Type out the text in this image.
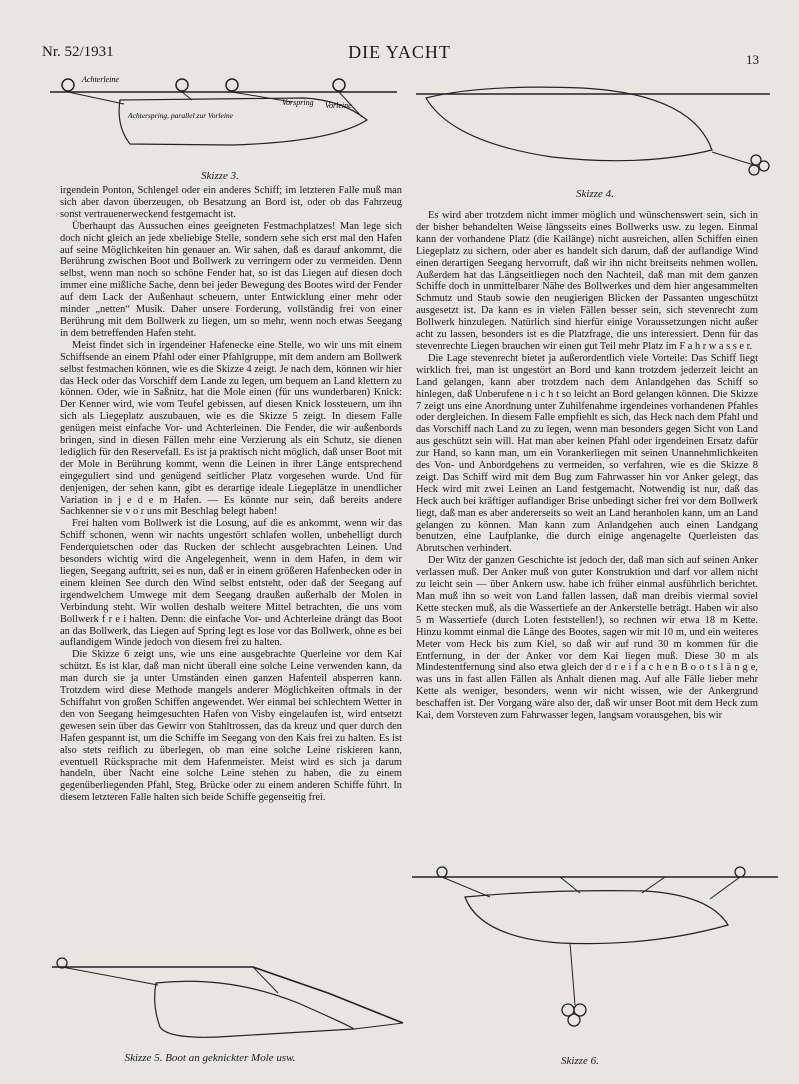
Nr. 52/1931	DIE YACHT	13
Achterleine
Vorspring Vorleine
Achterspring, parallel zur Vorleine
Skizze 3.
Skizze 4.

irgendein Ponton, Schlengel oder ein anderes Schiff; im letzteren Falle muß man sich aber davon überzeugen, ob Besatzung an Bord ist, oder ob das Fahrzeug sonst vertrauenerweckend festgemacht ist.

Überhaupt das Aussuchen eines geeigneten Festmachplatzes! Man lege sich doch nicht gleich an jede xbeliebige Stelle, sondern sehe sich erst mal den Hafen auf seine Möglichkeiten hin genauer an. Wir sahen, daß es darauf ankommt, die Berührung zwischen Boot und Bollwerk zu verringern oder zu vermeiden. Denn selbst, wenn man noch so schöne Fender hat, so ist das Liegen auf diesen doch immer eine mißliche Sache, denn bei jeder Bewegung des Bootes wird der Fender auf dem Lack der Außenhaut scheuern, unter Entwicklung einer mehr oder minder „netten“ Musik. Daher unsere Forderung, vollständig frei von einer Berührung mit dem Bollwerk zu liegen, um so mehr, wenn noch etwas Seegang in dem betreffenden Hafen steht.

Meist findet sich in irgendeiner Hafenecke eine Stelle, wo wir uns mit einem Schiffsende an einem Pfahl oder einer Pfahlgruppe, mit dem andern am Bollwerk selbst festmachen können, wie es die Skizze 4 zeigt. Je nach dem, können wir hier das Heck oder das Vorschiff dem Lande zu legen, um bequem an Land klettern zu können. Oder, wie in Saßnitz, hat die Mole einen (für uns wunderbaren) Knick: Der Kenner wird, wie vom Teufel gebissen, auf diesen Knick lossteuern, um ihn sich als Liegeplatz auszubauen, wie es die Skizze 5 zeigt. In diesem Falle genügen meist einfache Vor- und Achterleinen. Die Fender, die wir außenbords bringen, sind in diesen Fällen mehr eine Verzierung als ein Schutz, sie dienen lediglich für den Reservefall. Es ist ja praktisch nicht möglich, daß unser Boot mit der Mole in Berührung kommt, wenn die Leinen in ihrer Länge entsprechend eingeguliert sind und genügend seitlicher Platz vorgesehen wurde. Und für denjenigen, der sehen kann, gibt es derartige ideale Liegeplätze in unendlicher Variation in j e d e m Hafen. — Es könnte nur sein, daß bereits andere Sachkenner sie v o r uns mit Beschlag belegt haben!

Frei halten vom Bollwerk ist die Losung, auf die es ankommt, wenn wir das Schiff schonen, wenn wir nachts ungestört schlafen wollen, unbehelligt durch Fenderquietschen oder das Rucken der schlecht ausgebrachten Leinen. Und besonders wichtig wird die Angelegenheit, wenn in dem Hafen, in dem wir liegen, Seegang auftritt, sei es nun, daß er in einem größeren Hafenbecken oder in einem kleinen See durch den Wind selbst entsteht, oder daß der Seegang auf irgendwelchem Umwege mit dem Seegang draußen außerhalb der Molen in Verbindung steht. Wir wollen deshalb weitere Mittel betrachten, die uns vom Bollwerk f r e i halten. Denn: die einfache Vor- und Achterleine drängt das Boot an das Bollwerk, das Liegen auf Spring legt es lose vor das Bollwerk, ohne es bei auflandigem Winde jedoch von diesem frei zu halten.

Die Skizze 6 zeigt uns, wie uns eine ausgebrachte Querleine vor dem Kai schützt. Es ist klar, daß man nicht überall eine solche Leine verwenden kann, da man durch sie ja unter Umständen einen ganzen Hafenteil absperren kann. Trotzdem wird diese Methode mangels anderer Möglichkeiten oftmals in der Schiffahrt von großen Schiffen angewendet. Wer einmal bei schlechtem Wetter in den von Seegang heimgesuchten Hafen von Visby eingelaufen ist, wird entsetzt gewesen sein über das Gewirr von Stahltrossen, das da kreuz und quer durch den Hafen gespannt ist, um die Schiffe im Seegang von den Kais frei zu halten. Es ist also stets reiflich zu überlegen, ob man eine solche Leine riskieren kann, eventuell Rücksprache mit dem Hafenmeister. Meist wird es sich ja darum handeln, über Nacht eine solche Leine stehen zu haben, die zu einem gegenüberliegenden Pfahl, Steg, Brücke oder zu einem anderen Schiffe führt. In diesem letzteren Falle halten sich beide Schiffe gegenseitig frei.

Es wird aber trotzdem nicht immer möglich und wünschenswert sein, sich in der bisher behandelten Weise längsseits eines Bollwerks usw. zu legen. Einmal kann der vorhandene Platz (die Kailänge) nicht ausreichen, allen Schiffen einen Liegeplatz zu sichern, oder aber es handelt sich darum, daß der auflandige Wind einen derartigen Seegang hervorruft, daß wir ihn nicht breitseits nehmen wollen. Außerdem hat das Längseitliegen noch den Nachteil, daß man mit dem ganzen Schiffe doch in unmittelbarer Nähe des Bollwerkes und dem hier angesammelten Schmutz und Staub sowie den neugierigen Blicken der Passanten ungeschützt ausgesetzt ist. Da kann es in vielen Fällen besser sein, sich stevenrecht zum Bollwerk hinzulegen. Natürlich sind hierfür einige Voraussetzungen nicht außer acht zu lassen, besonders ist es die Platzfrage, die uns interessiert. Denn für das stevenrechte Liegen brauchen wir einen gut Teil mehr Platz im F a h r w a s s e r.

Die Lage stevenrecht bietet ja außerordentlich viele Vorteile: Das Schiff liegt wirklich frei, man ist ungestört an Bord und kann trotzdem jederzeit leicht an Land gelangen, kann aber trotzdem nach dem Anlandgehen das Schiff so hinlegen, daß Unberufene n i c h t so leicht an Bord gelangen können. Die Skizze 7 zeigt uns eine Anordnung unter Zuhilfenahme irgendeines vorhandenen Pfahles oder dergleichen. In diesem Falle empfiehlt es sich, das Heck nach dem Pfahl und das Vorschiff nach Land zu zu legen, wenn man besonders gegen Sicht von Land aus geschützt sein will. Hat man aber keinen Pfahl oder irgendeinen Ersatz dafür zur Hand, so kann man, um ein Vorankerliegen mit seinen Unannehmlichkeiten des Von- und Anbordgehens zu vermeiden, so verfahren, wie es die Skizze 8 zeigt. Das Schiff wird mit dem Bug zum Fahrwasser hin vor Anker gelegt, das Heck wird mit zwei Leinen an Land festgemacht. Notwendig ist nur, daß das Heck auch bei kräftiger auflandiger Brise unbedingt sicher frei vor dem Bollwerk liegt, daß man es aber andererseits so weit an Land heranholen kann, um an Land gelangen zu können. Man kann zum Anlandgehen auch einen Landgang benutzen, eine Laufplanke, die durch einige angenagelte Querleisten das Abrutschen verhindert.

Der Witz der ganzen Geschichte ist jedoch der, daß man sich auf seinen Anker verlassen muß. Der Anker muß von guter Konstruktion und darf vor allem nicht zu leicht sein — über Ankern usw. habe ich früher einmal ausführlich berichtet. Man muß ihn so weit von Land fallen lassen, daß man dreibis viermal soviel Kette stecken muß, als die Wassertiefe an der Ankerstelle beträgt. Haben wir also 5 m Wassertiefe (durch Loten feststellen!), so rechnen wir etwa 18 m Kette. Hinzu kommt einmal die Länge des Bootes, sagen wir mit 10 m, und ein weiteres Meter vom Heck bis zum Kiel, so daß wir auf rund 30 m kommen für die Entfernung, in der der Anker vor dem Kai liegen muß. Diese 30 m als Mindestentfernung sind also etwa gleich der d r e i f a c h e n B o o t s l ä n g e, was uns in fast allen Fällen als Anhalt dienen mag. Auf alle Fälle lieber mehr Kette als weniger, besonders, wenn wir nicht wissen, wie der Ankergrund beschaffen ist. Der Vorgang wäre also der, daß wir unser Boot mit dem Heck zum Kai, dem Vorsteven zum Fahrwasser legen, langsam vorausgehen, bis wir

Skizze 6.
Skizze 5. Boot an geknickter Mole usw.
